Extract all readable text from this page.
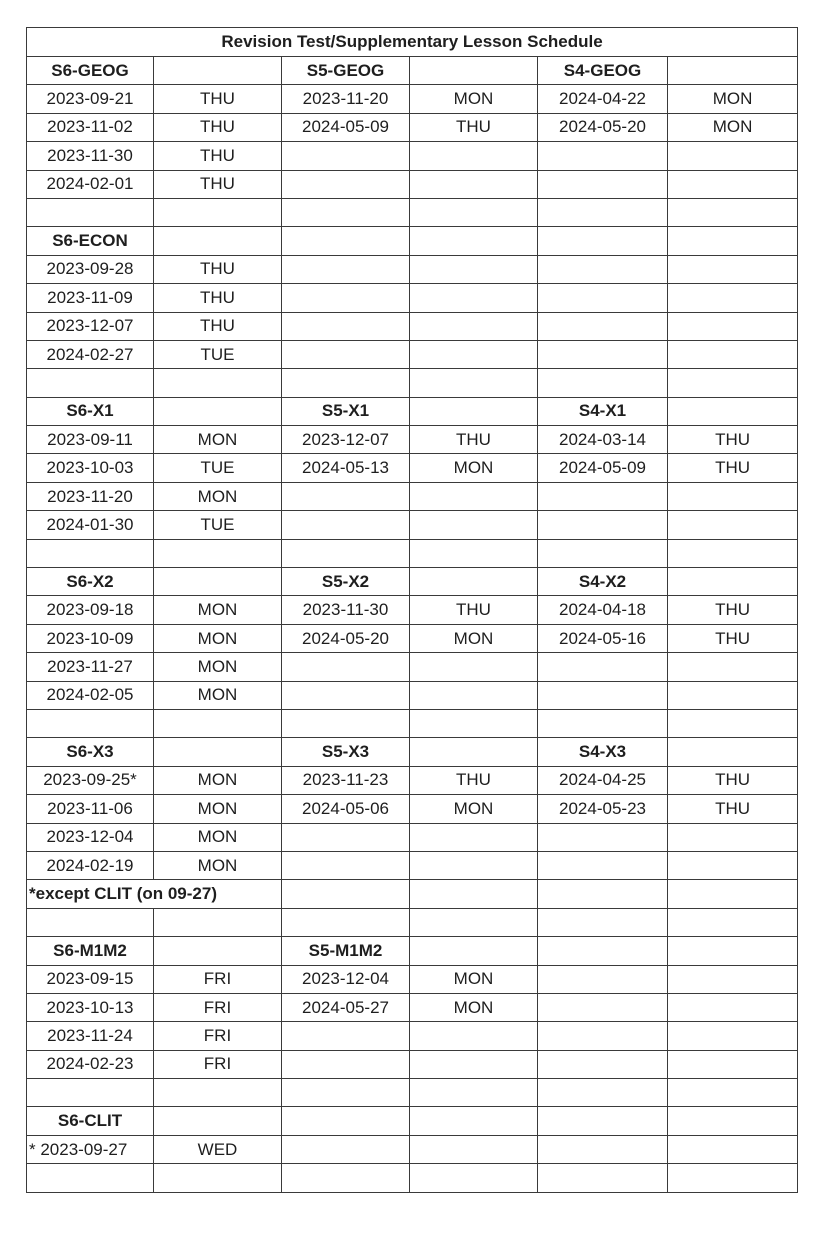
Revision Test/Supplementary Lesson Schedule					
S6-GEOG		S5-GEOG		S4-GEOG	
2023-09-21	THU	2023-11-20	MON	2024-04-22	MON
2023-11-02	THU	2024-05-09	THU	2024-05-20	MON
2023-11-30	THU				
2024-02-01	THU				

S6-ECON					
2023-09-28	THU				
2023-11-09	THU				
2023-12-07	THU				
2024-02-27	TUE				

S6-X1		S5-X1		S4-X1	
2023-09-11	MON	2023-12-07	THU	2024-03-14	THU
2023-10-03	TUE	2024-05-13	MON	2024-05-09	THU
2023-11-20	MON				
2024-01-30	TUE				

S6-X2		S5-X2		S4-X2	
2023-09-18	MON	2023-11-30	THU	2024-04-18	THU
2023-10-09	MON	2024-05-20	MON	2024-05-16	THU
2023-11-27	MON				
2024-02-05	MON				

S6-X3		S5-X3		S4-X3	
2023-09-25*	MON	2023-11-23	THU	2024-04-25	THU
2023-11-06	MON	2024-05-06	MON	2024-05-23	THU
2023-12-04	MON				
2024-02-19	MON				
*except CLIT (on 09-27)					

S6-M1M2		S5-M1M2			
2023-09-15	FRI	2023-12-04	MON		
2023-10-13	FRI	2024-05-27	MON		
2023-11-24	FRI				
2024-02-23	FRI				

S6-CLIT					
* 2023-09-27	WED				
